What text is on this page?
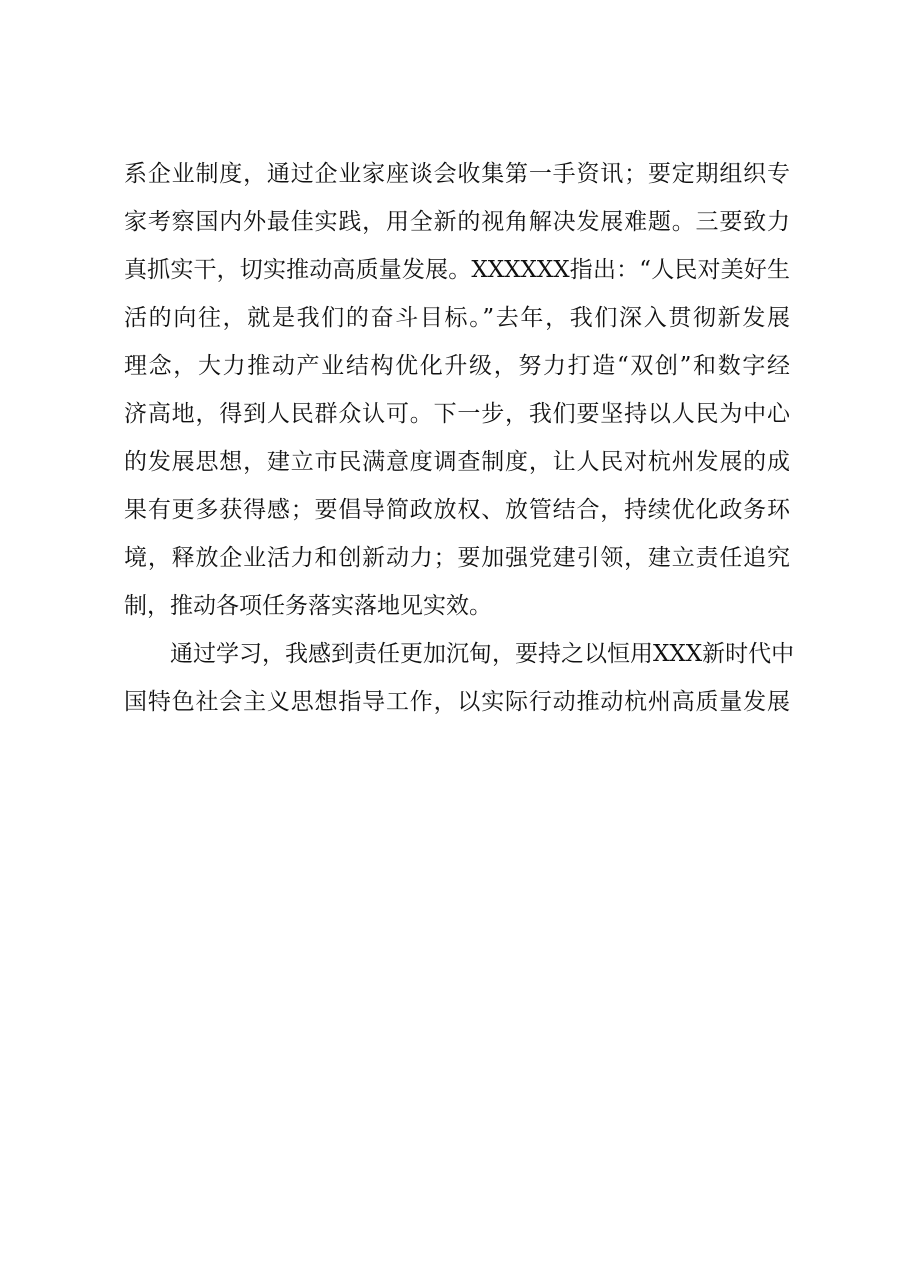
系企业制度，通过企业家座谈会收集第一手资讯；要定期组织专
家考察国内外最佳实践，用全新的视角解决发展难题。三要致力
真抓实干，切实推动高质量发展。XXXXXX指出：“人民对美好生
活的向往，就是我们的奋斗目标。”去年，我们深入贯彻新发展
理念，大力推动产业结构优化升级，努力打造“双创”和数字经
济高地，得到人民群众认可。下一步，我们要坚持以人民为中心
的发展思想，建立市民满意度调查制度，让人民对杭州发展的成
果有更多获得感；要倡导简政放权、放管结合，持续优化政务环
境，释放企业活力和创新动力；要加强党建引领，建立责任追究
制，推动各项任务落实落地见实效。
通过学习，我感到责任更加沉甸，要持之以恒用XXX新时代中
国特色社会主义思想指导工作，以实际行动推动杭州高质量发展
